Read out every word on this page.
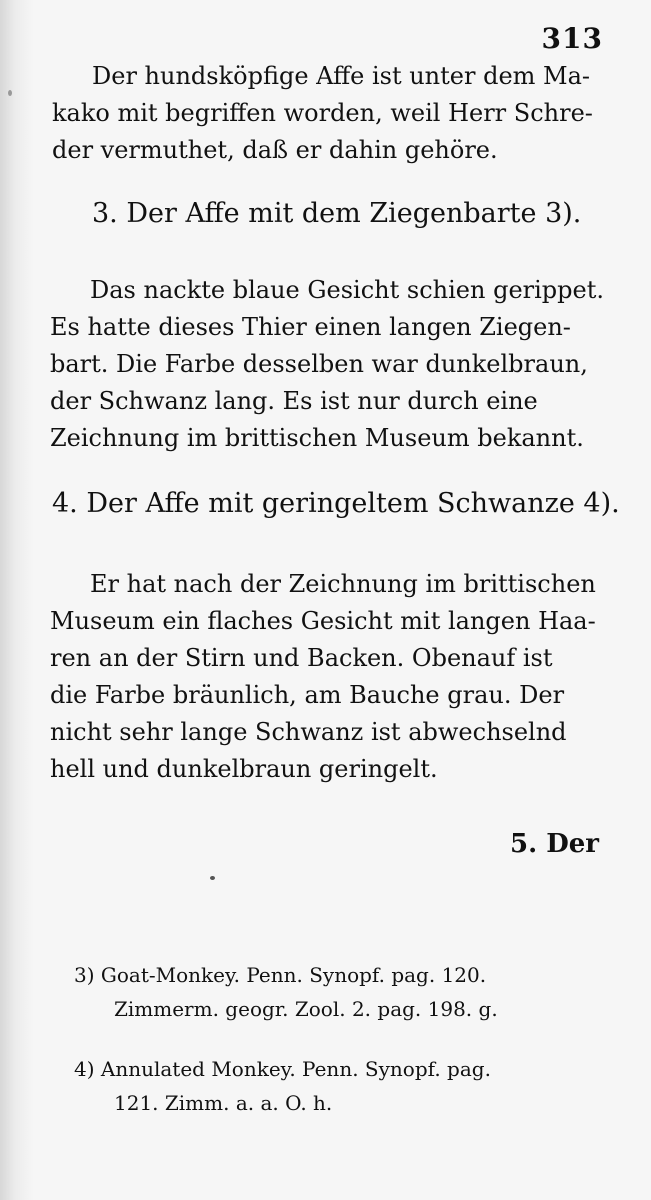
313
Der hundsköpfige Affe ist unter dem Ma-
kako mit begriffen worden, weil Herr Schre-
der vermuthet, daß er dahin gehöre.
3. Der Affe mit dem Ziegenbarte 3).
Das nackte blaue Gesicht schien gerippet.
Es hatte dieses Thier einen langen Ziegen-
bart. Die Farbe desselben war dunkelbraun,
der Schwanz lang. Es ist nur durch eine
Zeichnung im brittischen Museum bekannt.
4. Der Affe mit geringeltem Schwanze 4).
Er hat nach der Zeichnung im brittischen
Museum ein flaches Gesicht mit langen Haa-
ren an der Stirn und Backen. Obenauf ist
die Farbe bräunlich, am Bauche grau. Der
nicht sehr lange Schwanz ist abwechselnd
hell und dunkelbraun geringelt.
5. Der
3) Goat-Monkey. Penn. Synopf. pag. 120.
Zimmerm. geogr. Zool. 2. pag. 198. g.
4) Annulated Monkey. Penn. Synopf. pag.
121. Zimm. a. a. O. h.
